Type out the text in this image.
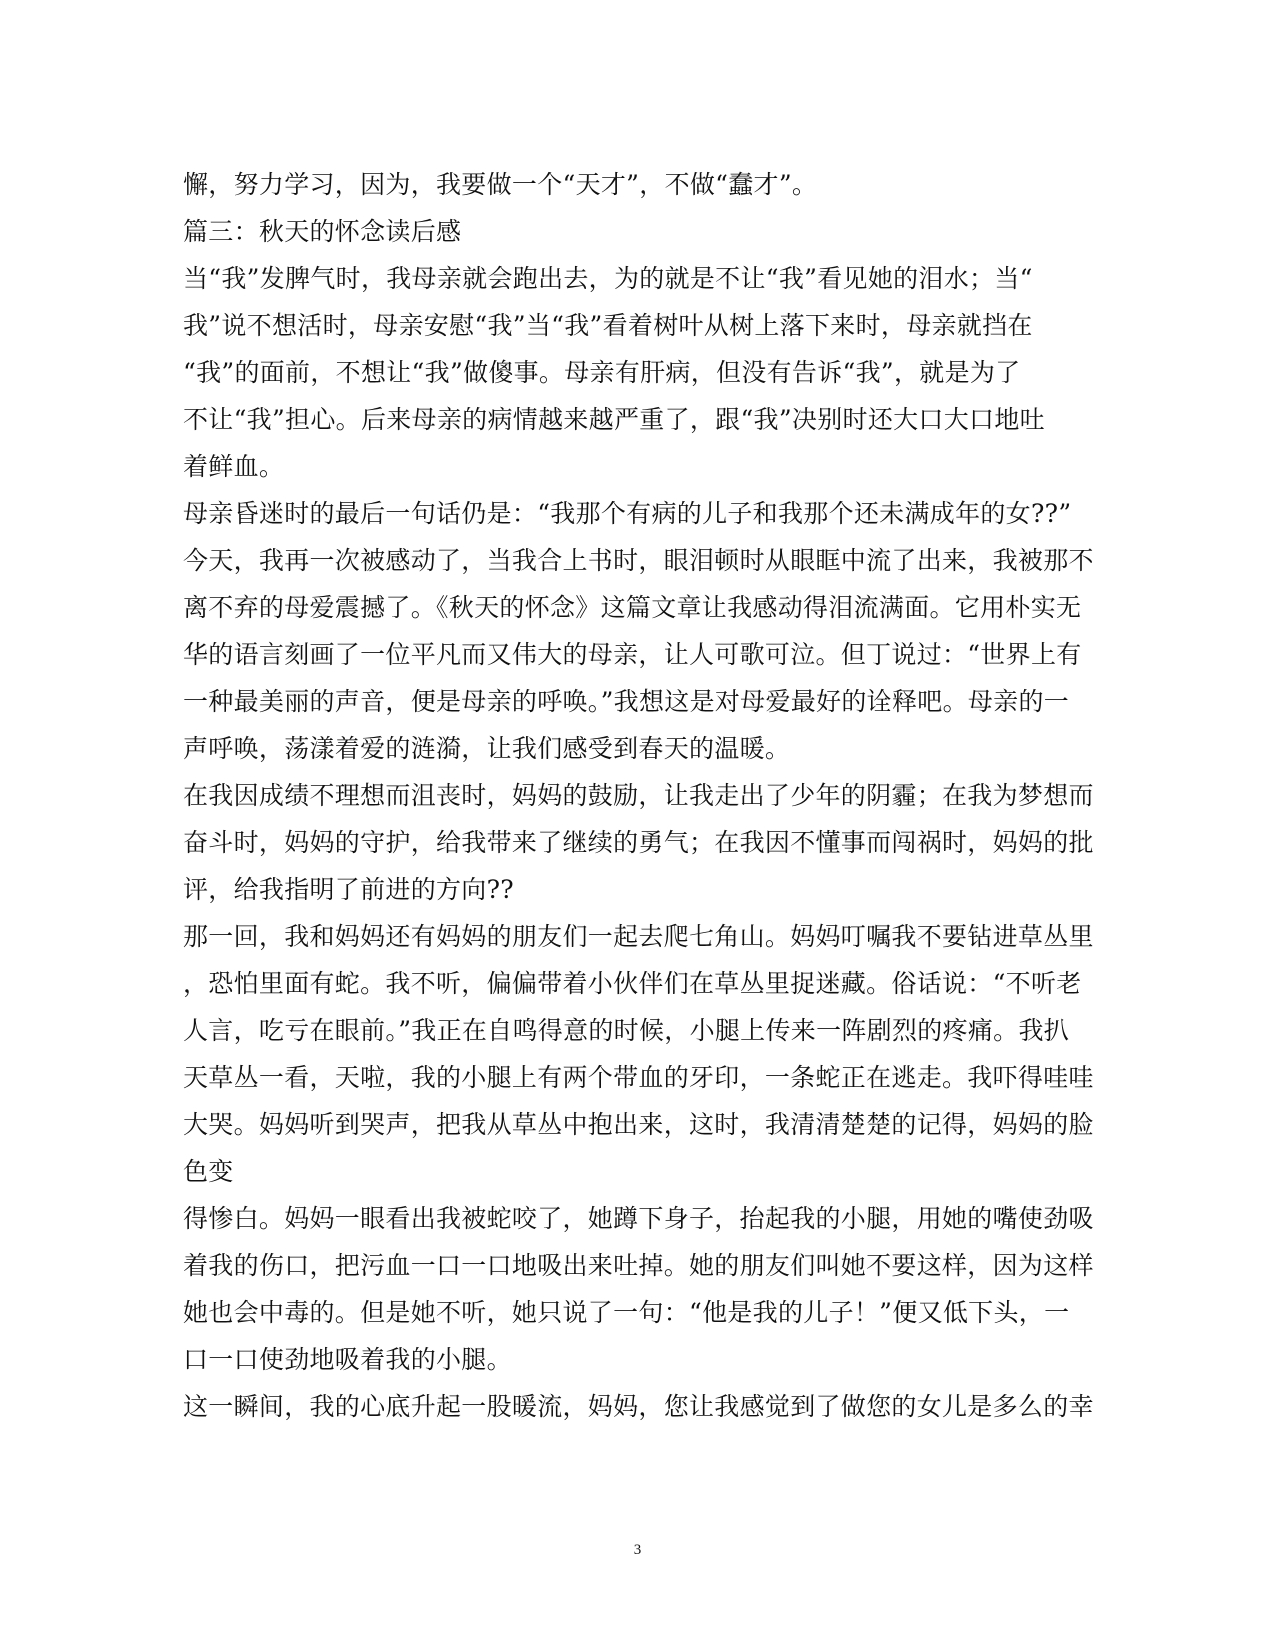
懈，努力学习，因为，我要做一个“天才”，不做“蠢才”。
篇三：秋天的怀念读后感
当“我”发脾气时，我母亲就会跑出去，为的就是不让“我”看见她的泪水；当“
我”说不想活时，母亲安慰“我”当“我”看着树叶从树上落下来时，母亲就挡在
“我”的面前，不想让“我”做傻事。母亲有肝病，但没有告诉“我”，就是为了
不让“我”担心。后来母亲的病情越来越严重了，跟“我”决别时还大口大口地吐
着鲜血。
母亲昏迷时的最后一句话仍是：“我那个有病的儿子和我那个还未满成年的女??”
今天，我再一次被感动了，当我合上书时，眼泪顿时从眼眶中流了出来，我被那不
离不弃的母爱震撼了。《秋天的怀念》这篇文章让我感动得泪流满面。它用朴实无
华的语言刻画了一位平凡而又伟大的母亲，让人可歌可泣。但丁说过：“世界上有
一种最美丽的声音，便是母亲的呼唤。”我想这是对母爱最好的诠释吧。母亲的一
声呼唤，荡漾着爱的涟漪，让我们感受到春天的温暖。
在我因成绩不理想而沮丧时，妈妈的鼓励，让我走出了少年的阴霾；在我为梦想而
奋斗时，妈妈的守护，给我带来了继续的勇气；在我因不懂事而闯祸时，妈妈的批
评，给我指明了前进的方向??
那一回，我和妈妈还有妈妈的朋友们一起去爬七角山。妈妈叮嘱我不要钻进草丛里
，恐怕里面有蛇。我不听，偏偏带着小伙伴们在草丛里捉迷藏。俗话说：“不听老
人言，吃亏在眼前。”我正在自鸣得意的时候，小腿上传来一阵剧烈的疼痛。我扒
天草丛一看，天啦，我的小腿上有两个带血的牙印，一条蛇正在逃走。我吓得哇哇
大哭。妈妈听到哭声，把我从草丛中抱出来，这时，我清清楚楚的记得，妈妈的脸
色变
得惨白。妈妈一眼看出我被蛇咬了，她蹲下身子，抬起我的小腿，用她的嘴使劲吸
着我的伤口，把污血一口一口地吸出来吐掉。她的朋友们叫她不要这样，因为这样
她也会中毒的。但是她不听，她只说了一句：“他是我的儿子！”便又低下头，一
口一口使劲地吸着我的小腿。
这一瞬间，我的心底升起一股暖流，妈妈，您让我感觉到了做您的女儿是多么的幸
3
